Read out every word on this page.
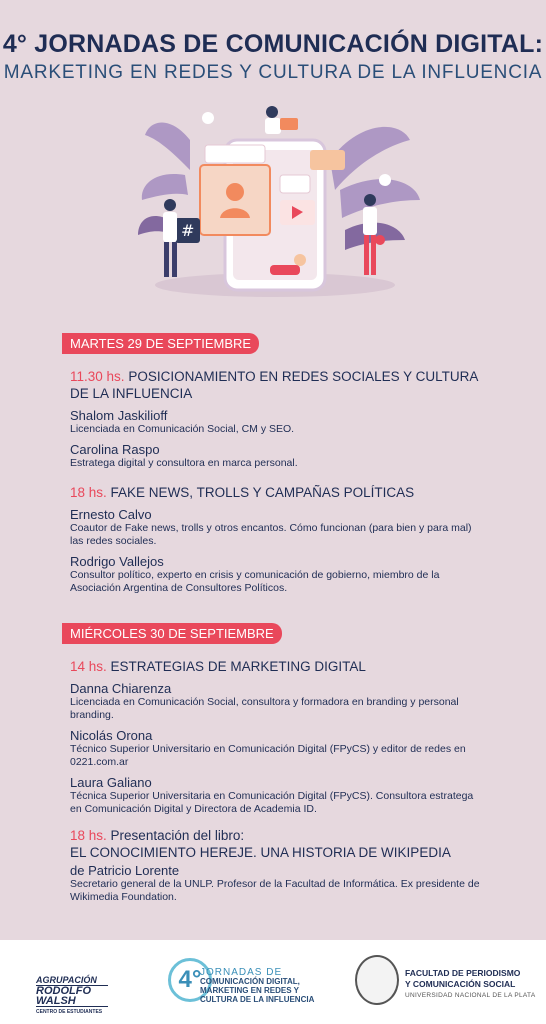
4° JORNADAS DE COMUNICACIÓN DIGITAL:
MARKETING EN REDES Y CULTURA DE LA INFLUENCIA
#
MARTES 29 DE SEPTIEMBRE
11.30 hs. POSICIONAMIENTO EN REDES SOCIALES Y CULTURA DE LA INFLUENCIA
Shalom Jaskilioff
Licenciada en Comunicación Social, CM y SEO.
Carolina Raspo
Estratega digital y consultora en marca personal.
18 hs. FAKE NEWS, TROLLS Y CAMPAÑAS POLÍTICAS
Ernesto Calvo
Coautor de Fake news, trolls y otros encantos. Cómo funcionan (para bien y para mal) las redes sociales.
Rodrigo Vallejos
Consultor político, experto en crisis y comunicación de gobierno, miembro de la Asociación Argentina de Consultores Políticos.
MIÉRCOLES 30 DE SEPTIEMBRE
14 hs. ESTRATEGIAS DE MARKETING DIGITAL
Danna Chiarenza
Licenciada en Comunicación Social, consultora y formadora en branding y personal branding.
Nicolás Orona
Técnico Superior Universitario en Comunicación Digital (FPyCS) y editor de redes en 0221.com.ar
Laura Galiano
Técnica Superior Universitaria en Comunicación Digital (FPyCS). Consultora estratega en Comunicación Digital y Directora de Academia ID.
18 hs. Presentación del libro:
EL CONOCIMIENTO HEREJE. UNA HISTORIA DE WIKIPEDIA
de Patricio Lorente
Secretario general de la UNLP. Profesor de la Facultad de Informática. Ex presidente de Wikimedia Foundation.
AGRUPACIÓN
RODOLFO WALSH
CENTRO DE ESTUDIANTES
4°
JORNADAS DE
COMUNICACIÓN DIGITAL,
MARKETING EN REDES Y
CULTURA DE LA INFLUENCIA
FACULTAD DE PERIODISMO
Y COMUNICACIÓN SOCIAL
UNIVERSIDAD NACIONAL DE LA PLATA
